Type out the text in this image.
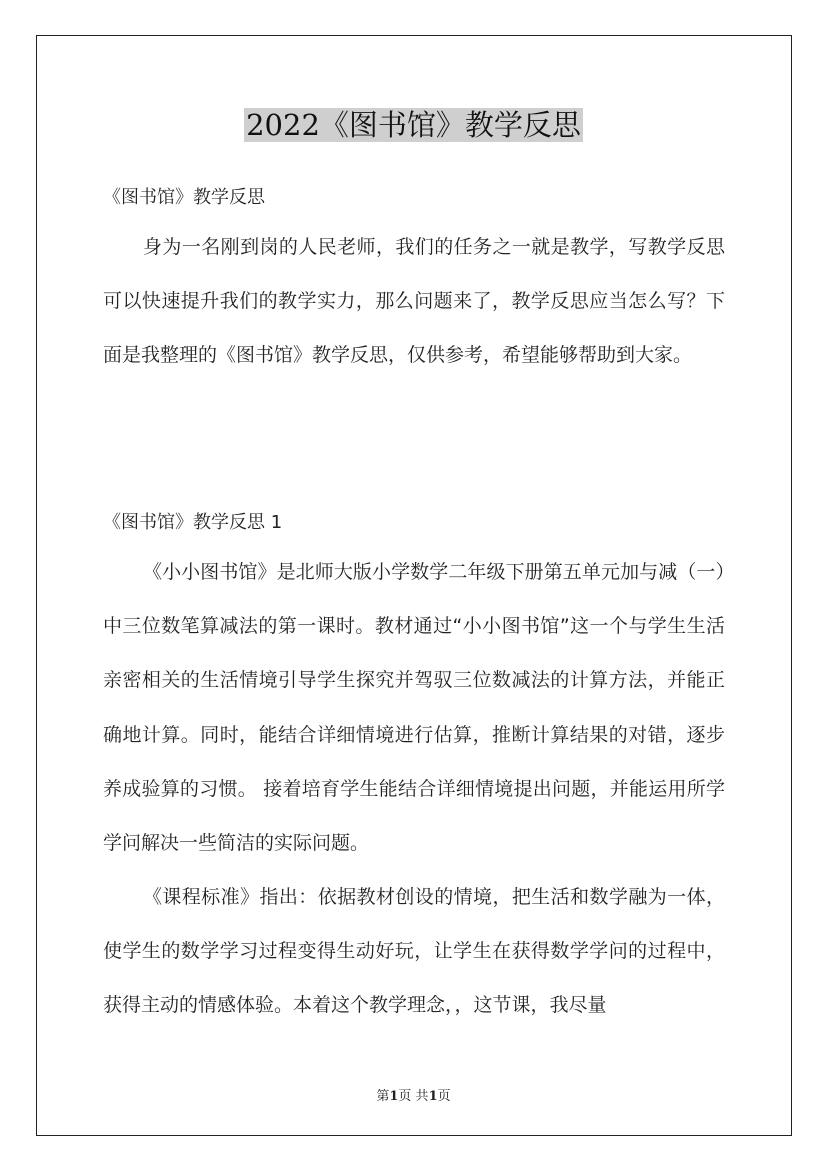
2022《图书馆》教学反思
《图书馆》教学反思

身为一名刚到岗的人民老师，我们的任务之一就是教学，写教学反思可以快速提升我们的教学实力，那么问题来了，教学反思应当怎么写？下面是我整理的《图书馆》教学反思，仅供参考，希望能够帮助到大家。

《图书馆》教学反思 1

《小小图书馆》是北师大版小学数学二年级下册第五单元加与减（一）中三位数笔算减法的第一课时。教材通过“小小图书馆”这一个与学生生活亲密相关的生活情境引导学生探究并驾驭三位数减法的计算方法，并能正确地计算。同时，能结合详细情境进行估算，推断计算结果的对错，逐步养成验算的习惯。 接着培育学生能结合详细情境提出问题，并能运用所学学问解决一些简洁的实际问题。

《课程标准》指出：依据教材创设的情境，把生活和数学融为一体，使学生的数学学习过程变得生动好玩，让学生在获得数学学问的过程中，获得主动的情感体验。本着这个教学理念，，这节课，我尽量

第1页 共1页
